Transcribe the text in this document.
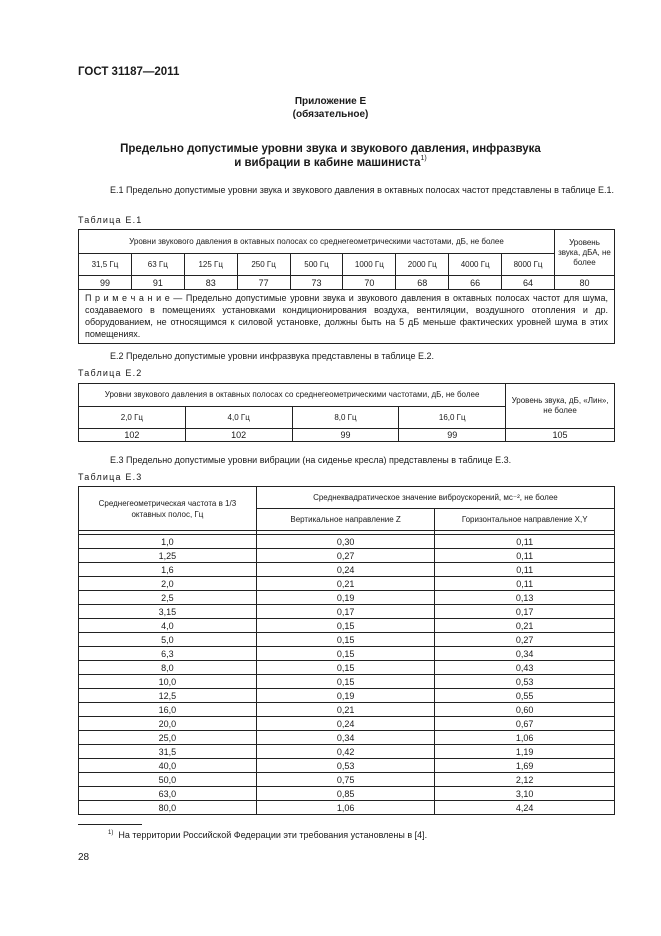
ГОСТ 31187—2011
Приложение Е
(обязательное)
Предельно допустимые уровни звука и звукового давления, инфразвука
и вибрации в кабине машиниста$^{1)}$
Е.1 Предельно допустимые уровни звука и звукового давления в октавных полосах частот представлены в таблице Е.1.
Таблица Е.1
Уровни звукового давления в октавных полосах со среднегеометрическими частотами, дБ, не более									Уровень звука, дБА, не более
31,5 Гц	63 Гц	125 Гц	250 Гц	500 Гц	1000 Гц	2000 Гц	4000 Гц	8000 Гц	
99	91	83	77	73	70	68	66	64	80
П р и м е ч а н и е — Предельно допустимые уровни звука и звукового давления в октавных полосах частот для шума, создаваемого в помещениях установками кондиционирования воздуха, вентиляции, воздушного отопления и др. оборудованием, не относящимся к силовой установке, должны быть на 5 дБ меньше фактических уровней шума в этих помещениях.									
Е.2 Предельно допустимые уровни инфразвука представлены в таблице Е.2.
Таблица Е.2
Уровни звукового давления в октавных полосах со среднегеометрическими частотами, дБ, не более				Уровень звука, дБ, «Лин», не более
2,0 Гц	4,0 Гц	8,0 Гц	16,0 Гц	
102	102	99	99	105
Е.3 Предельно допустимые уровни вибрации (на сиденье кресла) представлены в таблице Е.3.
Таблица Е.3
Среднегеометрическая частота в 1/3 октавных полос, Гц	Среднеквадратическое значение виброускорений, мс⁻², не более	
	Вертикальное направление Z	Горизонтальное направление X,Y

1,0	0,30	0,11
1,25	0,27	0,11
1,6	0,24	0,11
2,0	0,21	0,11
2,5	0,19	0,13
3,15	0,17	0,17
4,0	0,15	0,21
5,0	0,15	0,27
6,3	0,15	0,34
8,0	0,15	0,43
10,0	0,15	0,53
12,5	0,19	0,55
16,0	0,21	0,60
20,0	0,24	0,67
25,0	0,34	1,06
31,5	0,42	1,19
40,0	0,53	1,69
50,0	0,75	2,12
63,0	0,85	3,10
80,0	1,06	4,24
$^{1)}$ На территории Российской Федерации эти требования установлены в [4].
28
